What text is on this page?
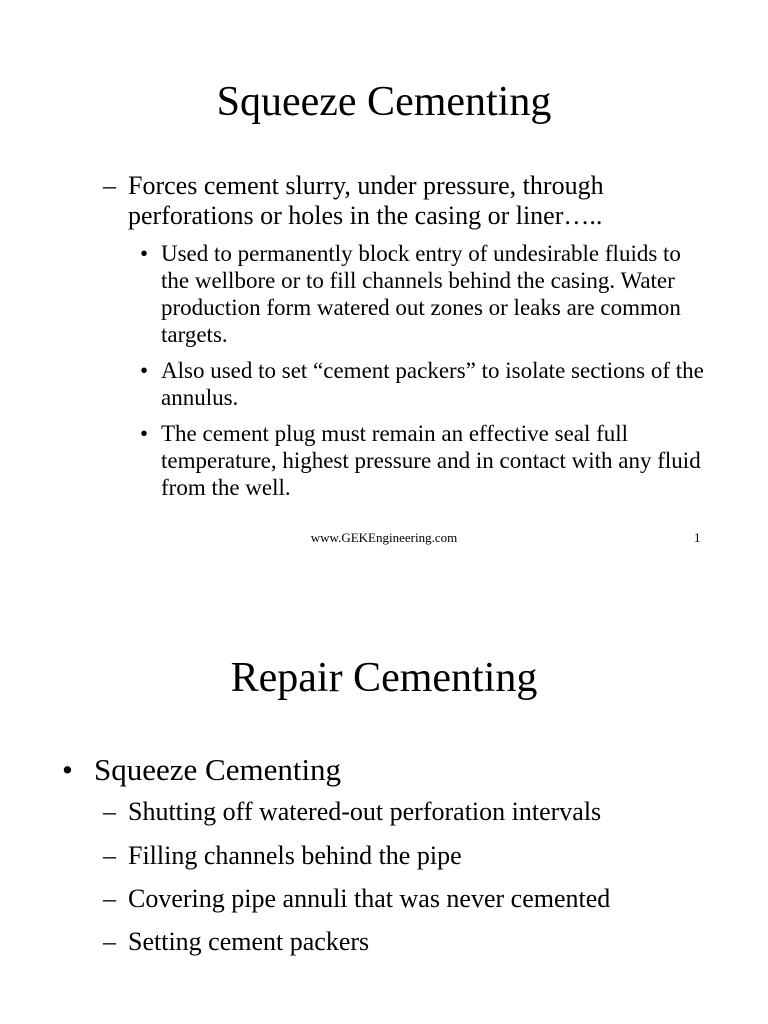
Squeeze Cementing
– Forces cement slurry, under pressure, through
perforations or holes in the casing or liner…..
• Used to permanently block entry of undesirable fluids to the wellbore or to fill channels behind the casing. Water production form watered out zones or leaks are common targets.
• Also used to set “cement packers” to isolate sections of the annulus.
• The cement plug must remain an effective seal full temperature, highest pressure and in contact with any fluid from the well.
www.GEKEngineering.com	1
Repair Cementing
• Squeeze Cementing
– Shutting off watered-out perforation intervals
– Filling channels behind the pipe
– Covering pipe annuli that was never cemented
– Setting cement packers
